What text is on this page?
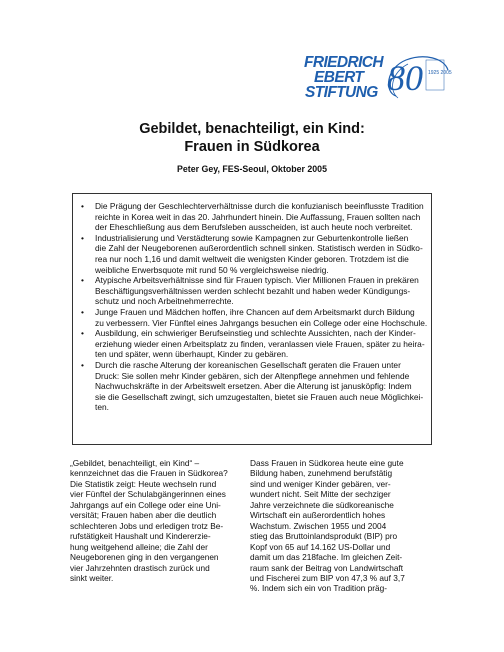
FRIEDRICH
EBERT
STIFTUNG 80 1925 2005
Gebildet, benachteiligt, ein Kind:
Frauen in Südkorea

Peter Gey, FES-Seoul, Oktober 2005

• Die Prägung der Geschlechterverhältnisse durch die konfuzianisch beeinflusste Tradition
reichte in Korea weit in das 20. Jahrhundert hinein. Die Auffassung, Frauen sollten nach
der Eheschließung aus dem Berufsleben ausscheiden, ist auch heute noch verbreitet.
• Industrialisierung und Verstädterung sowie Kampagnen zur Geburtenkontrolle ließen
die Zahl der Neugeborenen außerordentlich schnell sinken. Statistisch werden in Südko-
rea nur noch 1,16 und damit weltweit die wenigsten Kinder geboren. Trotzdem ist die
weibliche Erwerbsquote mit rund 50 % vergleichsweise niedrig.
• Atypische Arbeitsverhältnisse sind für Frauen typisch. Vier Millionen Frauen in prekären
Beschäftigungsverhältnissen werden schlecht bezahlt und haben weder Kündigungs-
schutz und noch Arbeitnehmerrechte.
• Junge Frauen und Mädchen hoffen, ihre Chancen auf dem Arbeitsmarkt durch Bildung
zu verbessern. Vier Fünftel eines Jahrgangs besuchen ein College oder eine Hochschule.
• Ausbildung, ein schwieriger Berufseinstieg und schlechte Aussichten, nach der Kinder-
erziehung wieder einen Arbeitsplatz zu finden, veranlassen viele Frauen, später zu heira-
ten und später, wenn überhaupt, Kinder zu gebären.
• Durch die rasche Alterung der koreanischen Gesellschaft geraten die Frauen unter
Druck: Sie sollen mehr Kinder gebären, sich der Altenpflege annehmen und fehlende
Nachwuchskräfte in der Arbeitswelt ersetzen. Aber die Alterung ist janusköpfig: Indem
sie die Gesellschaft zwingt, sich umzugestalten, bietet sie Frauen auch neue Möglichkei-
ten.
„Gebildet, benachteiligt, ein Kind“ –
kennzeichnet das die Frauen in Südkorea?
Die Statistik zeigt: Heute wechseln rund
vier Fünftel der Schulabgängerinnen eines
Jahrgangs auf ein College oder eine Uni-
versität; Frauen haben aber die deutlich
schlechteren Jobs und erledigen trotz Be-
rufstätigkeit Haushalt und Kindererzie-
hung weitgehend alleine; die Zahl der
Neugeborenen ging in den vergangenen
vier Jahrzehnten drastisch zurück und
sinkt weiter.
Dass Frauen in Südkorea heute eine gute
Bildung haben, zunehmend berufstätig
sind und weniger Kinder gebären, ver-
wundert nicht. Seit Mitte der sechziger
Jahre verzeichnete die südkoreanische
Wirtschaft ein außerordentlich hohes
Wachstum. Zwischen 1955 und 2004
stieg das Bruttoinlandsprodukt (BIP) pro
Kopf von 65 auf 14.162 US-Dollar und
damit um das 218fache. Im gleichen Zeit-
raum sank der Beitrag von Landwirtschaft
und Fischerei zum BIP von 47,3 % auf 3,7
%. Indem sich ein von Tradition präg-
